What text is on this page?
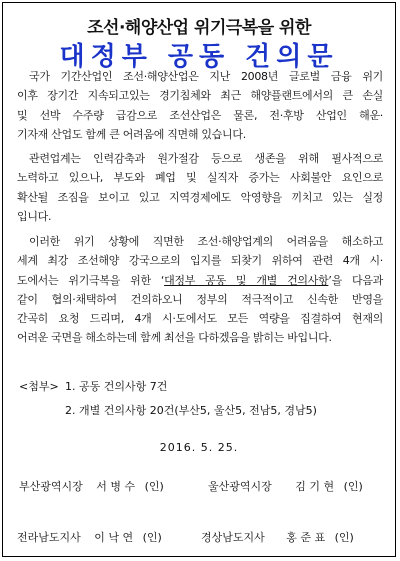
조선·해양산업 위기극복을 위한
대정부 공동 건의문
국가 기간산업인 조선·해양산업은 지난 2008년 글로벌 금융 위기
이후 장기간 지속되고있는 경기침체와 최근 해양플랜트에서의 큰 손실
및 선박 수주량 급감으로 조선산업은 물론, 전·후방 산업인 해운·
기자재 산업도 함께 큰 어려움에 직면해 있습니다.
관련업계는 인력감축과 원가절감 등으로 생존을 위해 필사적으로
노력하고 있으나, 부도와 폐업 및 실직자 증가는 사회불안 요인으로
확산될 조짐을 보이고 있고 지역경제에도 악영향을 끼치고 있는 실정
입니다.
이러한 위기 상황에 직면한 조선·해양업계의 어려움을 해소하고
세계 최강 조선해양 강국으로의 입지를 되찾기 위하여 관련 4개 시·
도에서는 위기극복을 위한 ‘대정부 공동 및 개별 건의사항’을 다음과
같이 협의·채택하여 건의하오니 정부의 적극적이고 신속한 반영을
간곡히 요청 드리며, 4개 시·도에서도 모든 역량을 집결하여 현재의
어려운 국면을 해소하는데 함께 최선을 다하겠음을 밝히는 바입니다.
<첨부> 1. 공동 건의사항 7건
2. 개별 건의사항 20건(부산5, 울산5, 전남5, 경남5)
2016. 5. 25.
부산광역시장 서 병 수 (인)	울산광역시장 김 기 현 (인)
전라남도지사 이 낙 연 (인)	경상남도지사 홍 준 표 (인)
